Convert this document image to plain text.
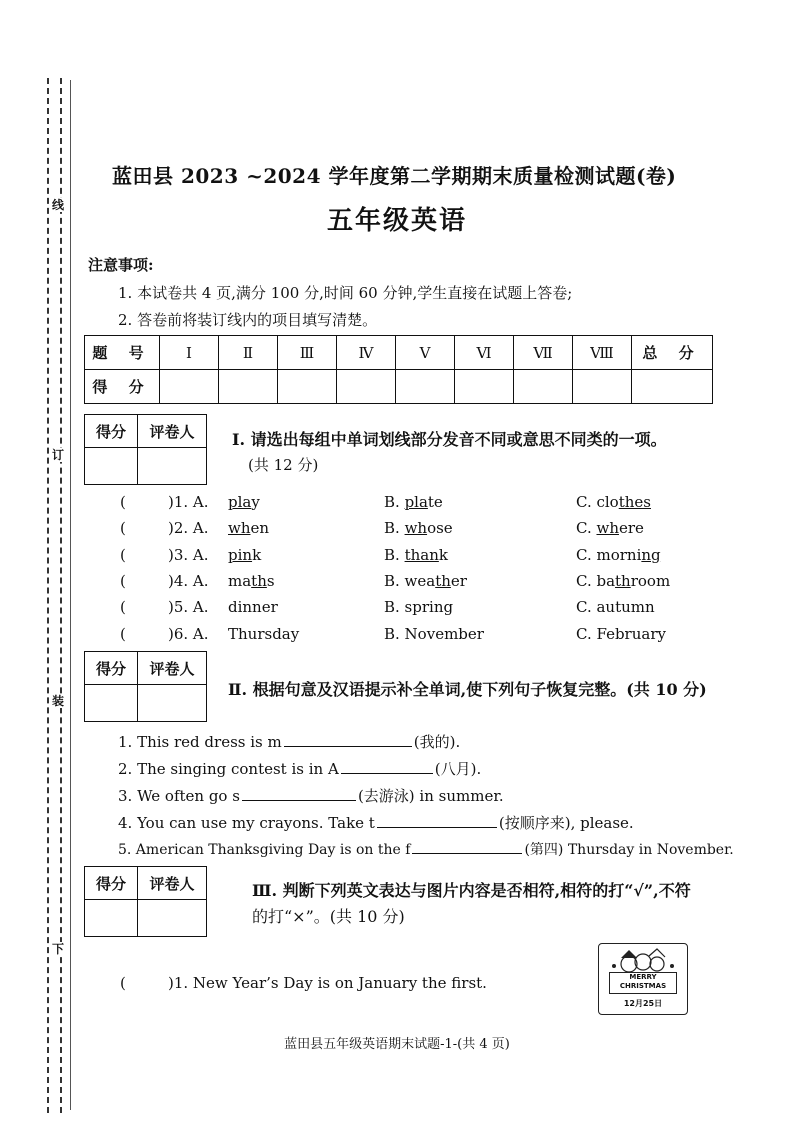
线
订
装
下
蓝田县 2023 ~2024 学年度第二学期期末质量检测试题(卷)
五年级英语
注意事项:
1. 本试卷共 4 页,满分 100 分,时间 60 分钟,学生直接在试题上答卷;
2. 答卷前将装订线内的项目填写清楚。
题 号	Ⅰ	Ⅱ	Ⅲ	Ⅳ	Ⅴ	Ⅵ	Ⅶ	Ⅷ	总 分
得 分									
得分	评卷人
	Ⅰ. 请选出每组中单词划线部分发音不同或意思不同类的一项。
(共 12 分)
(	)1. A. play	B. plate	C. clothes
(	)2. A. when	B. whose	C. where
(	)3. A. pink	B. thank	C. morning
(	)4. A. maths	B. weather	C. bathroom
(	)5. A. dinner	B. spring	C. autumn
(	)6. A. Thursday	B. November	C. February
得分	评卷人

Ⅱ. 根据句意及汉语提示补全单词,使下列句子恢复完整。(共 10 分)
1. This red dress is m	(我的).
2. The singing contest is in A	(八月).
3. We often go s	(去游泳) in summer.
4. You can use my crayons. Take t	(按顺序来), please.
5. American Thanksgiving Day is on the f	(第四) Thursday in November.
得分	评卷人
		Ⅲ. 判断下列英文表达与图片内容是否相符,相符的打“√”,不符
的打“×”。(共 10 分)
(	)1. New Year’s Day is on January the first.	MERRY CHRISTMAS
12月25日
蓝田县五年级英语期末试题-1-(共 4 页)
